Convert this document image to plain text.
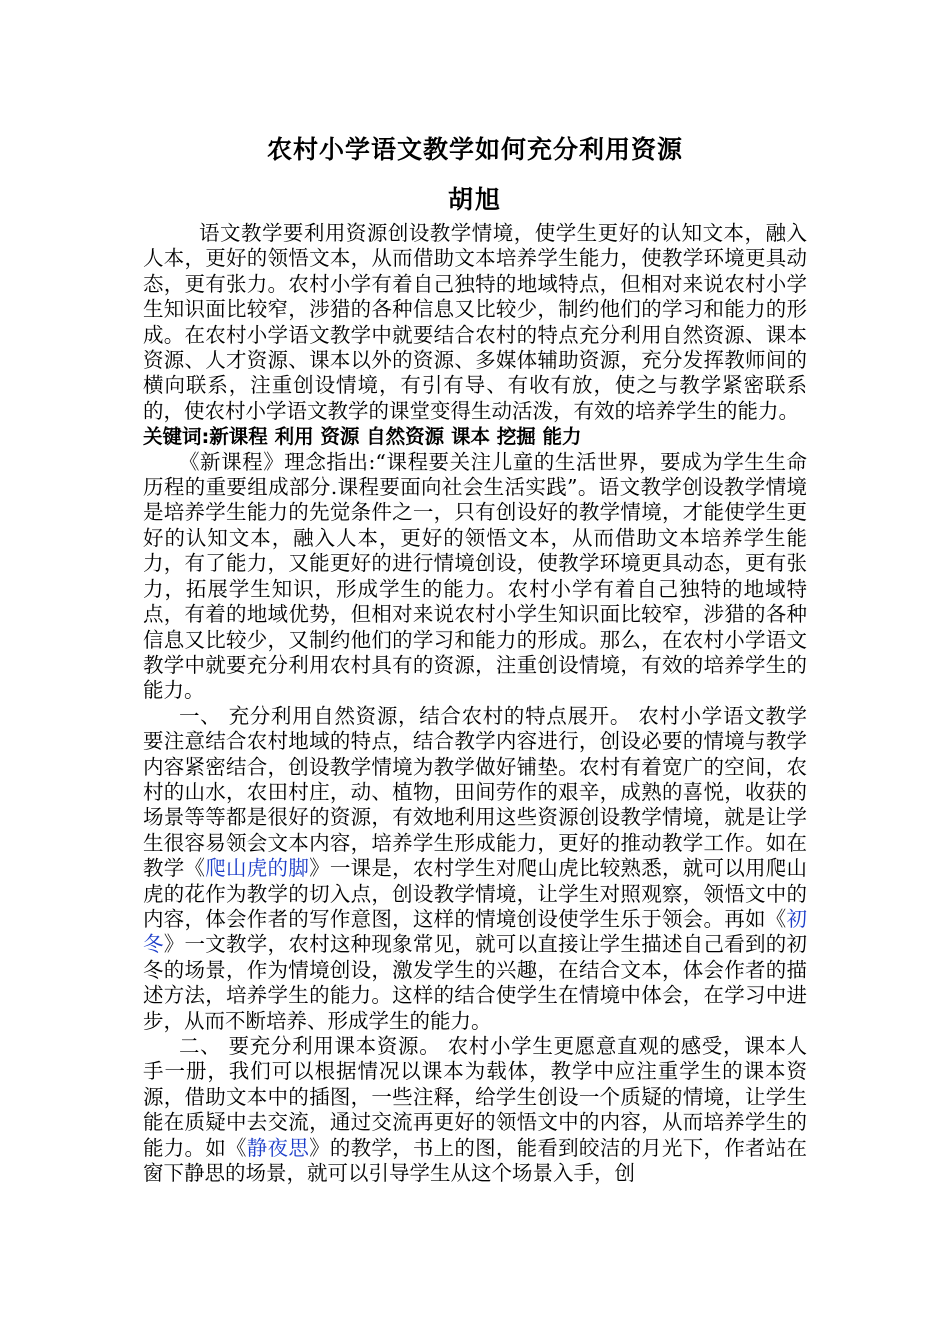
农村小学语文教学如何充分利用资源
胡旭

语文教学要利用资源创设教学情境，使学生更好的认知文本，融入人本，更好的领悟文本，从而借助文本培养学生能力，使教学环境更具动态，更有张力。农村小学有着自己独特的地域特点，但相对来说农村小学生知识面比较窄，涉猎的各种信息又比较少，制约他们的学习和能力的形成。在农村小学语文教学中就要结合农村的特点充分利用自然资源、课本资源、人才资源、课本以外的资源、多媒体辅助资源，充分发挥教师间的横向联系，注重创设情境，有引有导、有收有放，使之与教学紧密联系的，使农村小学语文教学的课堂变得生动活泼，有效的培养学生的能力。

关键词:新课程 利用 资源 自然资源 课本 挖掘 能力

《新课程》理念指出:“课程要关注儿童的生活世界，要成为学生生命历程的重要组成部分.课程要面向社会生活实践”。语文教学创设教学情境是培养学生能力的先觉条件之一，只有创设好的教学情境，才能使学生更好的认知文本，融入人本，更好的领悟文本，从而借助文本培养学生能力，有了能力，又能更好的进行情境创设，使教学环境更具动态，更有张力，拓展学生知识，形成学生的能力。农村小学有着自己独特的地域特点，有着的地域优势，但相对来说农村小学生知识面比较窄，涉猎的各种信息又比较少，又制约他们的学习和能力的形成。那么，在农村小学语文教学中就要充分利用农村具有的资源，注重创设情境，有效的培养学生的能力。

一、 充分利用自然资源，结合农村的特点展开。 农村小学语文教学要注意结合农村地域的特点，结合教学内容进行，创设必要的情境与教学内容紧密结合，创设教学情境为教学做好铺垫。农村有着宽广的空间，农村的山水，农田村庄，动、植物，田间劳作的艰辛，成熟的喜悦，收获的场景等等都是很好的资源，有效地利用这些资源创设教学情境，就是让学生很容易领会文本内容，培养学生形成能力，更好的推动教学工作。如在教学《爬山虎的脚》一课是，农村学生对爬山虎比较熟悉，就可以用爬山虎的花作为教学的切入点，创设教学情境，让学生对照观察，领悟文中的内容，体会作者的写作意图，这样的情境创设使学生乐于领会。再如《初冬》一文教学，农村这种现象常见，就可以直接让学生描述自己看到的初冬的场景，作为情境创设，激发学生的兴趣，在结合文本，体会作者的描述方法，培养学生的能力。这样的结合使学生在情境中体会，在学习中进步，从而不断培养、形成学生的能力。

二、 要充分利用课本资源。 农村小学生更愿意直观的感受，课本人手一册，我们可以根据情况以课本为载体，教学中应注重学生的课本资源，借助文本中的插图，一些注释，给学生创设一个质疑的情境，让学生能在质疑中去交流，通过交流再更好的领悟文中的内容，从而培养学生的能力。如《静夜思》的教学，书上的图，能看到皎洁的月光下，作者站在窗下静思的场景，就可以引导学生从这个场景入手，创
